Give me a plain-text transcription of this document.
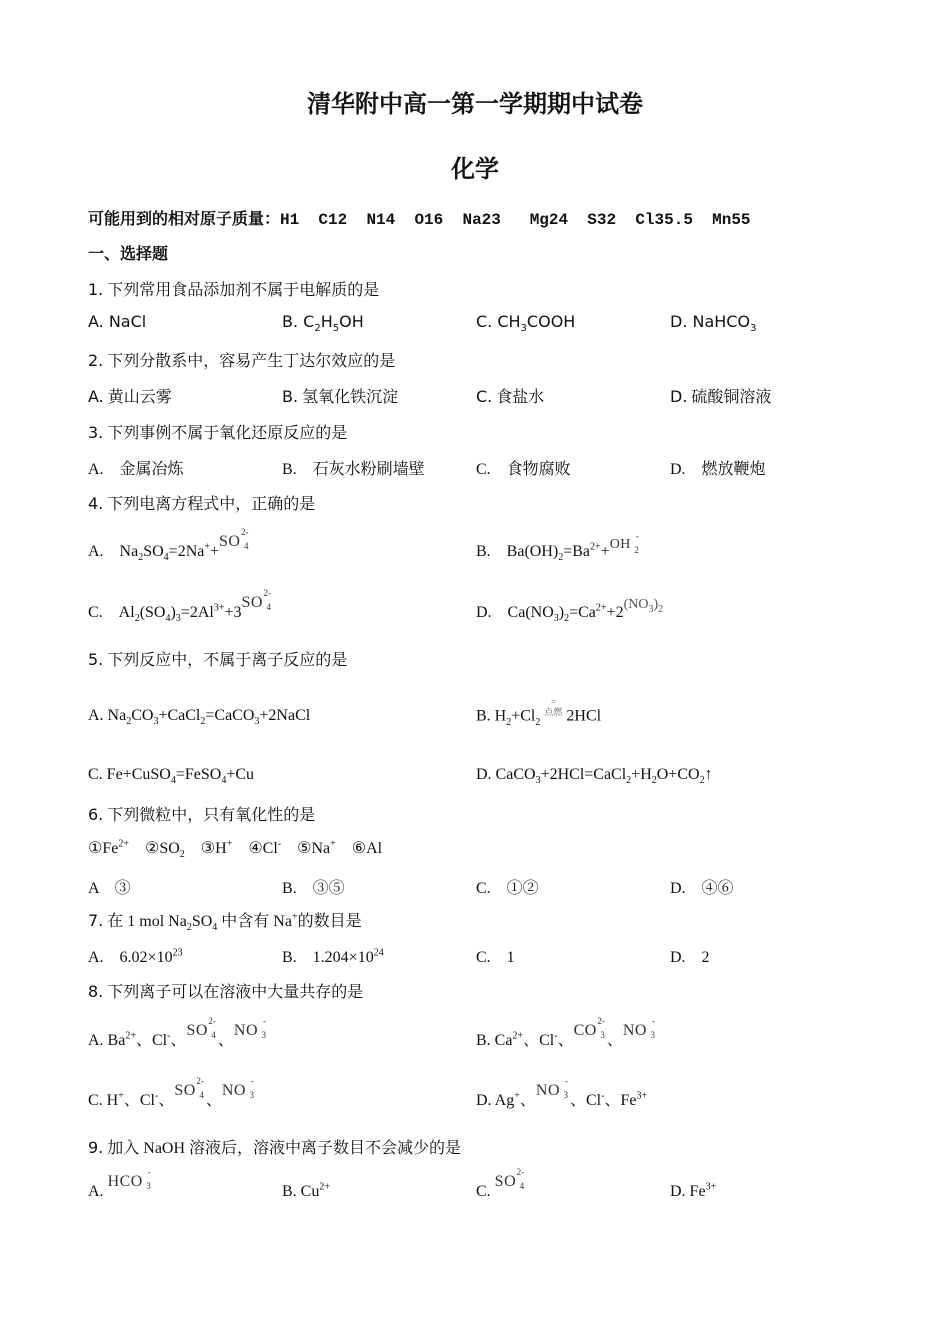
清华附中高一第一学期期中试卷
化学
可能用到的相对原子质量：H1 C12 N14 O16 Na23 Mg24 S32 Cl35.5 Mn55
一、选择题
1. 下列常用食品添加剂不属于电解质的是
A. NaCl	B. $C_2H_5OH$	C. $CH_3COOH$	D. NaHCO$_3$
2. 下列分散系中，容易产生丁达尔效应的是
A. 黄山云雾	B. 氢氧化铁沉淀	C. 食盐水	D. 硫酸铜溶液
3. 下列事例不属于氧化还原反应的是
A.　金属冶炼	B.　石灰水粉刷墙壁	C.　食物腐败	D.　燃放鞭炮
4. 下列电离方程式中，正确的是
A.　$Na_2SO_4=2Na^++SO$
2-
4	B.　$Ba(OH)_2=Ba^{2+}+OH$
-
2
C.　$Al_2(SO_4)_3=2Al^{3+}+3SO$
2-
4	D.　$Ca(NO_3)_2=Ca^{2+}+2(NO_3)_2$
5. 下列反应中，不属于离子反应的是
A. $Na_2CO_3+CaCl_2=CaCO_3+2NaCl$	B. $H_2+Cl_2$ =
点燃 2HCl
C. Fe+CuSO$_4$=FeSO$_4$+Cu	D. $CaCO_3+2HCl=CaCl_2+H_2O+CO_2↑$
6. 下列微粒中，只有氧化性的是
$①Fe^{2+}$ $②SO_2$ ③H+ ④Cl- ⑤Na+ ⑥Al
A　③	B.　③⑤	C.　①②	D.　④⑥
7. 在 1 mol $Na_2SO_4$ 中含有 Na+的数目是
A.　$6.02\times 10^{23}$	B.　$1.204\times 10^{24}$	C.　1	D.　2
8. 下列离子可以在溶液中大量共存的是
A. $Ba^{2+}$、Cl-、SO
2-
4 、NO
-
3	B. $Ca^{2+}$、Cl-、CO
2-
3 、NO
-
3
C. H+、Cl-、SO
2-
4 、NO
-
3	D. Ag+、NO
-
3 、Cl-、$Fe^{3+}$
9. 加入 NaOH 溶液后，溶液中离子数目不会减少的是
A.HCO
-
3	B. $Cu^{2+}$	C.SO
2-
4	D. $Fe^{3+}$
